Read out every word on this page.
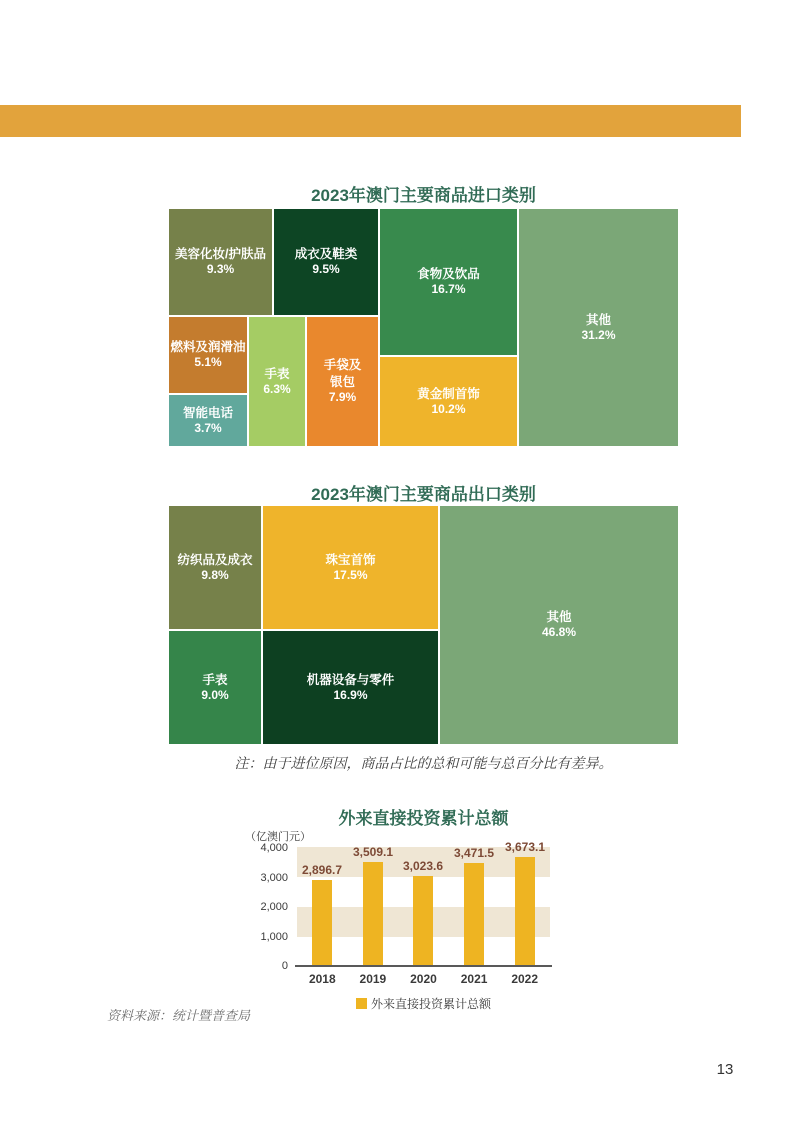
2023年澳门主要商品进口类别
美容化妆/护肤品
9.3%
成衣及鞋类
9.5%	食物及饮品
16.7%
其他
31.2%
燃料及润滑油
5.1%
智能电话
3.7%
手表
6.3%
手袋及银包
7.9%	黄金制首饰
10.2%
2023年澳门主要商品出口类别
纺织品及成衣
9.8%
珠宝首饰
17.5%
其他
46.8%
手表
9.0%
机器设备与零件
16.9%
注：由于进位原因，商品占比的总和可能与总百分比有差异。
外来直接投资累计总额
（亿澳门元）
4,000
3,000
2,000
1,000
0
2,896.7
3,509.1
3,023.6
3,471.5 3,673.1
2018	2019	2020	2021	2022
外来直接投资累计总额
资料来源：统计暨普查局
13
